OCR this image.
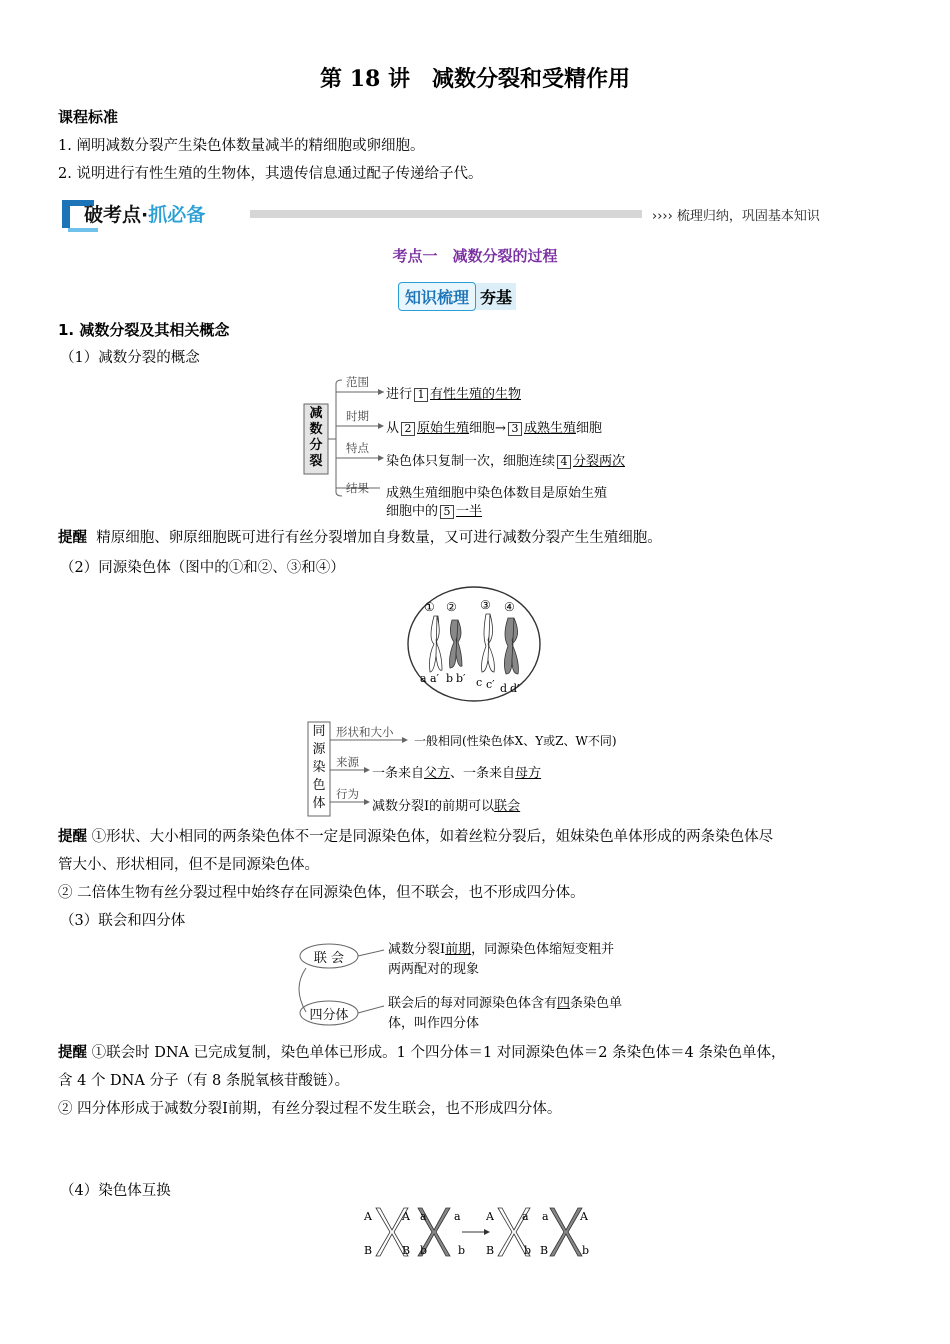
第 18 讲　减数分裂和受精作用
课程标准
1. 阐明减数分裂产生染色体数量减半的精细胞或卵细胞。
2. 说明进行有性生殖的生物体，其遗传信息通过配子传递给子代。
破考点·抓必备	›››› 梳理归纳，巩固基本知识
考点一　减数分裂的过程
知识梳理 夯基
1. 减数分裂及其相关概念
（1）减数分裂的概念
减数分裂
范围
进行 1 有性生殖的生物
时期
从 2 原始生殖细胞→ 3 成熟生殖细胞
特点
染色体只复制一次，细胞连续 4 分裂两次
结果 成熟生殖细胞中染色体数目是原始生殖
细胞中的 5 一半
提醒 精原细胞、卵原细胞既可进行有丝分裂增加自身数量，又可进行减数分裂产生生殖细胞。
（2）同源染色体（图中的①和②、③和④）
① ② ③ ④
a a′ b b′ c c′ d d′
同
源
染
色
体
形状和大小
一般相同(性染色体X、Y或Z、W不同)
来源
一条来自父方、一条来自母方
行为
减数分裂Ⅰ的前期可以联会
提醒 ①形状、大小相同的两条染色体不一定是同源染色体，如着丝粒分裂后，姐妹染色单体形成的两条染色体尽
管大小、形状相同，但不是同源染色体。
② 二倍体生物有丝分裂过程中始终存在同源染色体，但不联会，也不形成四分体。
（3）联会和四分体
联 会
四分体
减数分裂Ⅰ前期，同源染色体缩短变粗并
两两配对的现象
联会后的每对同源染色体含有四条染色单
体，叫作四分体
提醒 ①联会时 DNA 已完成复制，染色单体已形成。1 个四分体＝1 对同源染色体＝2 条染色体＝4 条染色单体，
含 4 个 DNA 分子（有 8 条脱氧核苷酸链）。
② 四分体形成于减数分裂Ⅰ前期，有丝分裂过程不发生联会，也不形成四分体。
（4）染色体互换
A	A
B	B
a a
b	b
A	a
B	B
a	A
b	b
